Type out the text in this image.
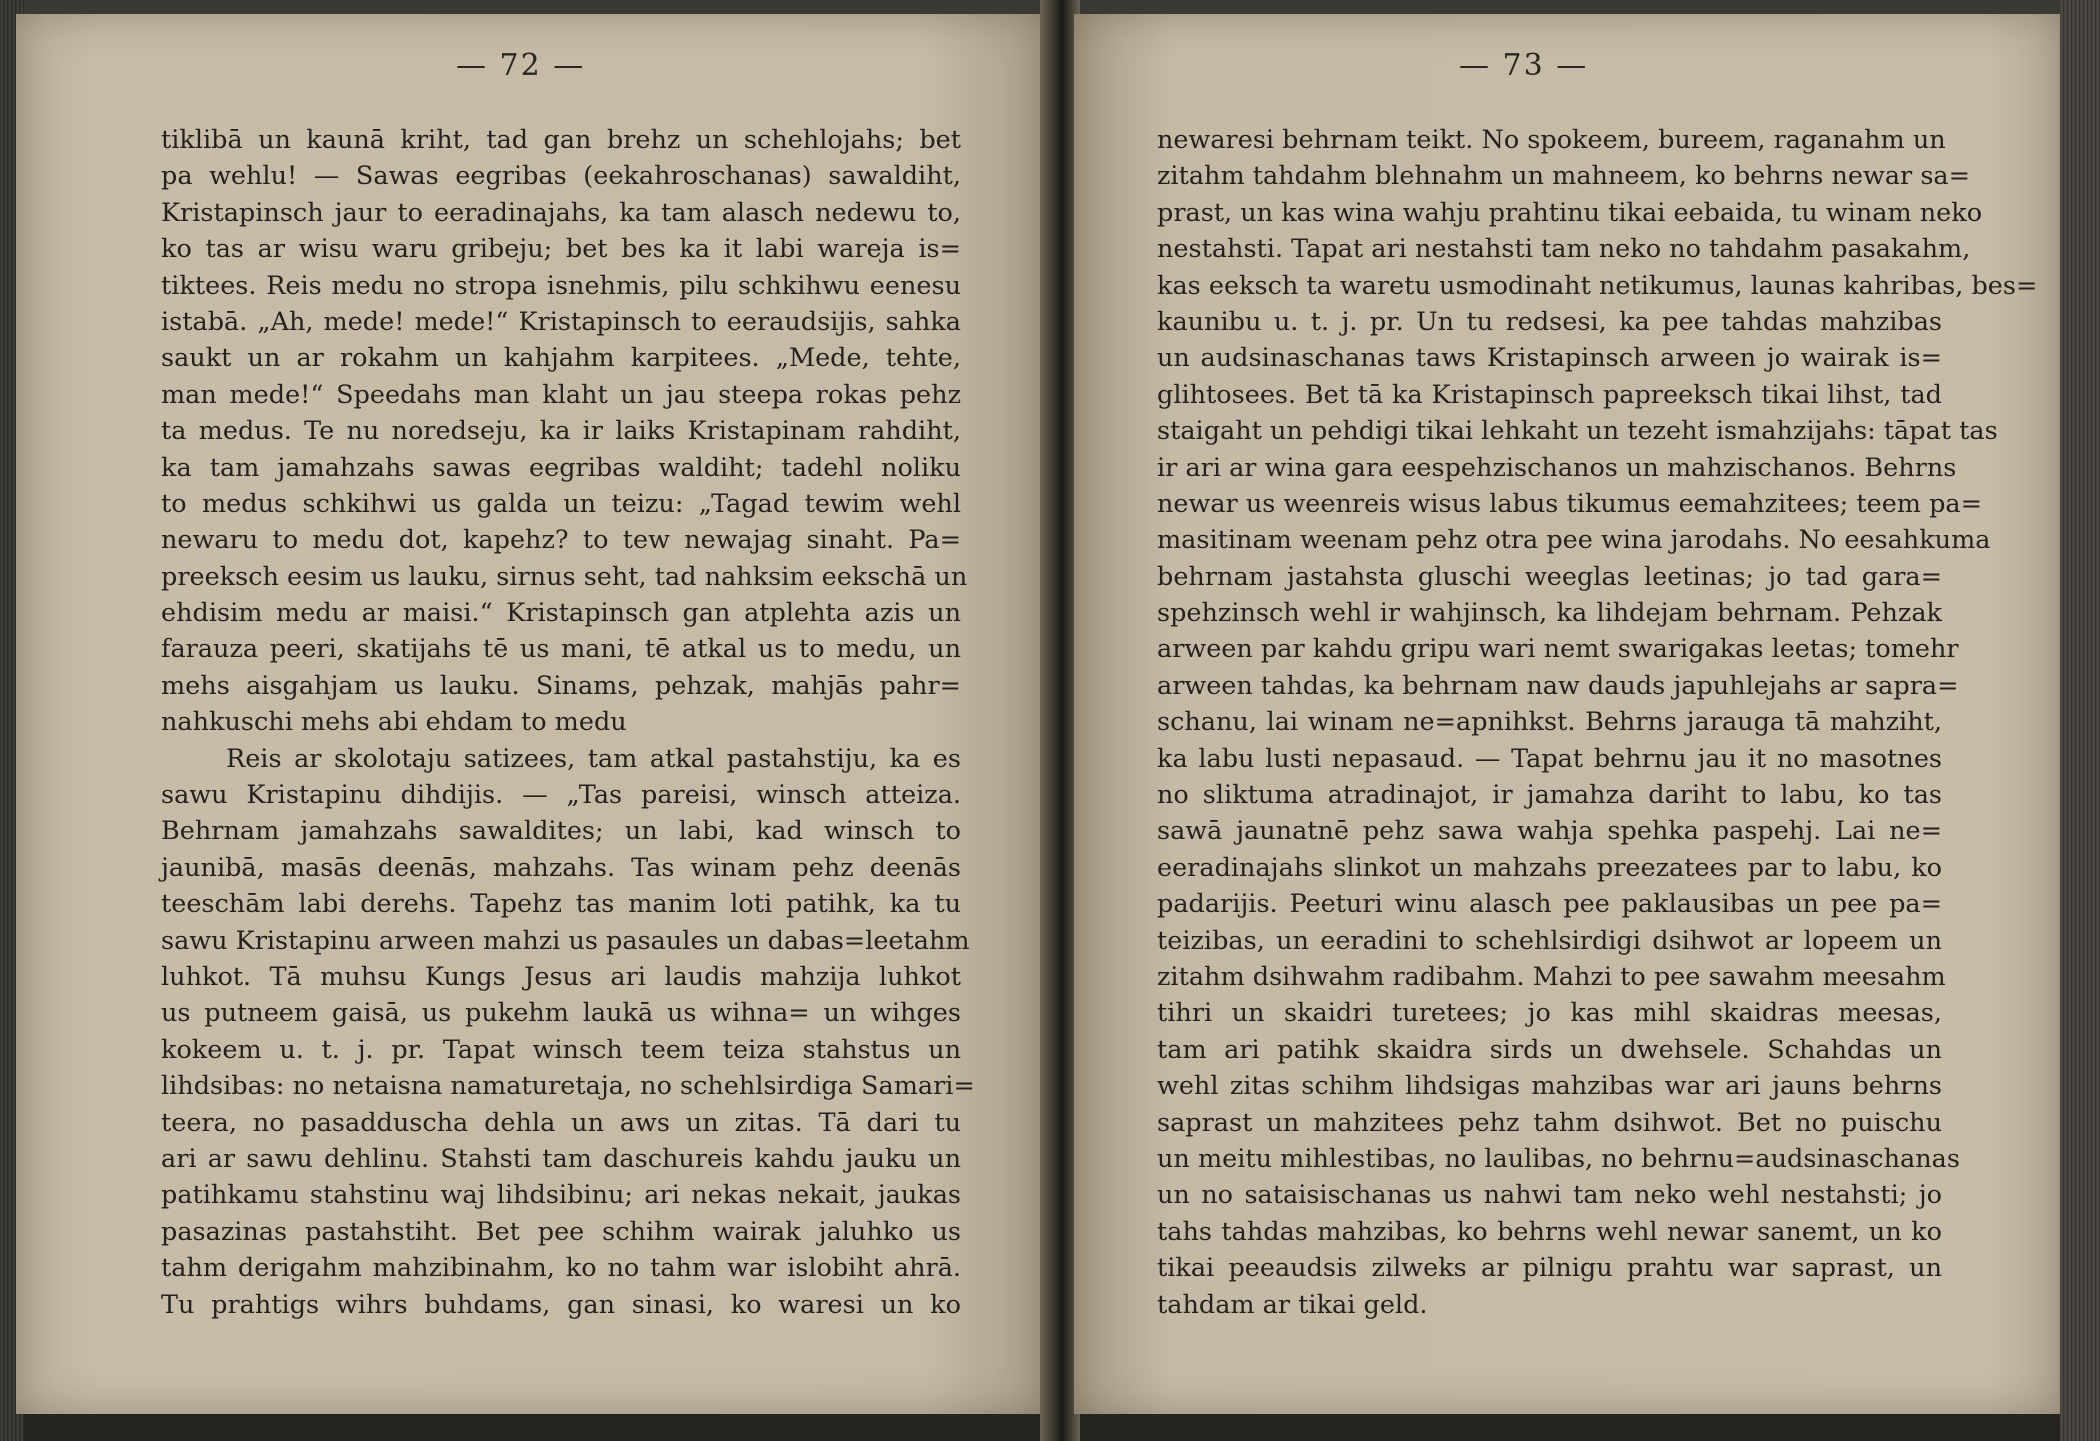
— 72 —
tiklibā un kaunā kriht, tad gan brehz un schehlojahs; bet
pa wehlu! — Sawas eegribas (eekahroschanas) sawaldiht,
Kristapinsch jaur to eeradinajahs, ka tam alasch nedewu to,
ko tas ar wisu waru gribeju; bet bes ka it labi wareja is=
tiktees. Reis medu no stropa isnehmis, pilu schkihwu eenesu
istabā. „Ah, mede! mede!“ Kristapinsch to eeraudsijis, sahka
saukt un ar rokahm un kahjahm karpitees. „Mede, tehte,
man mede!“ Speedahs man klaht un jau steepa rokas pehz
ta medus. Te nu noredseju, ka ir laiks Kristapinam rahdiht,
ka tam jamahzahs sawas eegribas waldiht; tadehl noliku
to medus schkihwi us galda un teizu: „Tagad tewim wehl
newaru to medu dot, kapehz? to tew newajag sinaht. Pa=
preeksch eesim us lauku, sirnus seht, tad nahksim eekschā un
ehdisim medu ar maisi.“ Kristapinsch gan atplehta azis un
farauza peeri, skatijahs tē us mani, tē atkal us to medu, un
mehs aisgahjam us lauku. Sinams, pehzak, mahjās pahr=
nahkuschi mehs abi ehdam to medu
Reis ar skolotaju satizees, tam atkal pastahstiju, ka es
sawu Kristapinu dihdijis. — „Tas pareisi, winsch atteiza.
Behrnam jamahzahs sawaldites; un labi, kad winsch to
jaunibā, masās deenās, mahzahs. Tas winam pehz deenās
teeschām labi derehs. Tapehz tas manim loti patihk, ka tu
sawu Kristapinu arween mahzi us pasaules un dabas=leetahm
luhkot. Tā muhsu Kungs Jesus ari laudis mahzija luhkot
us putneem gaisā, us pukehm laukā us wihna= un wihges
kokeem u. t. j. pr. Tapat winsch teem teiza stahstus un
lihdsibas: no netaisna namaturetaja, no schehlsirdiga Samari=
teera, no pasadduscha dehla un aws un zitas. Tā dari tu
ari ar sawu dehlinu. Stahsti tam daschureis kahdu jauku un
patihkamu stahstinu waj lihdsibinu; ari nekas nekait, jaukas
pasazinas pastahstiht. Bet pee schihm wairak jaluhko us
tahm derigahm mahzibinahm, ko no tahm war islobiht ahrā.
Tu prahtigs wihrs buhdams, gan sinasi, ko waresi un ko
— 73 —
newaresi behrnam teikt. No spokeem, bureem, raganahm un
zitahm tahdahm blehnahm un mahneem, ko behrns newar sa=
prast, un kas wina wahju prahtinu tikai eebaida, tu winam neko
nestahsti. Tapat ari nestahsti tam neko no tahdahm pasakahm,
kas eeksch ta waretu usmodinaht netikumus, launas kahribas, bes=
kaunibu u. t. j. pr. Un tu redsesi, ka pee tahdas mahzibas
un audsinaschanas taws Kristapinsch arween jo wairak is=
glihtosees. Bet tā ka Kristapinsch papreeksch tikai lihst, tad
staigaht un pehdigi tikai lehkaht un tezeht ismahzijahs: tāpat tas
ir ari ar wina gara eespehzischanos un mahzischanos. Behrns
newar us weenreis wisus labus tikumus eemahzitees; teem pa=
masitinam weenam pehz otra pee wina jarodahs. No eesahkuma
behrnam jastahsta gluschi weeglas leetinas; jo tad gara=
spehzinsch wehl ir wahjinsch, ka lihdejam behrnam. Pehzak
arween par kahdu gripu wari nemt swarigakas leetas; tomehr
arween tahdas, ka behrnam naw dauds japuhlejahs ar sapra=
schanu, lai winam ne=apnihkst. Behrns jarauga tā mahziht,
ka labu lusti nepasaud. — Tapat behrnu jau it no masotnes
no sliktuma atradinajot, ir jamahza dariht to labu, ko tas
sawā jaunatnē pehz sawa wahja spehka paspehj. Lai ne=
eeradinajahs slinkot un mahzahs preezatees par to labu, ko
padarijis. Peeturi winu alasch pee paklausibas un pee pa=
teizibas, un eeradini to schehlsirdigi dsihwot ar lopeem un
zitahm dsihwahm radibahm. Mahzi to pee sawahm meesahm
tihri un skaidri turetees; jo kas mihl skaidras meesas,
tam ari patihk skaidra sirds un dwehsele. Schahdas un
wehl zitas schihm lihdsigas mahzibas war ari jauns behrns
saprast un mahzitees pehz tahm dsihwot. Bet no puischu
un meitu mihlestibas, no laulibas, no behrnu=audsinaschanas
un no sataisischanas us nahwi tam neko wehl nestahsti; jo
tahs tahdas mahzibas, ko behrns wehl newar sanemt, un ko
tikai peeaudsis zilweks ar pilnigu prahtu war saprast, un
tahdam ar tikai geld.
